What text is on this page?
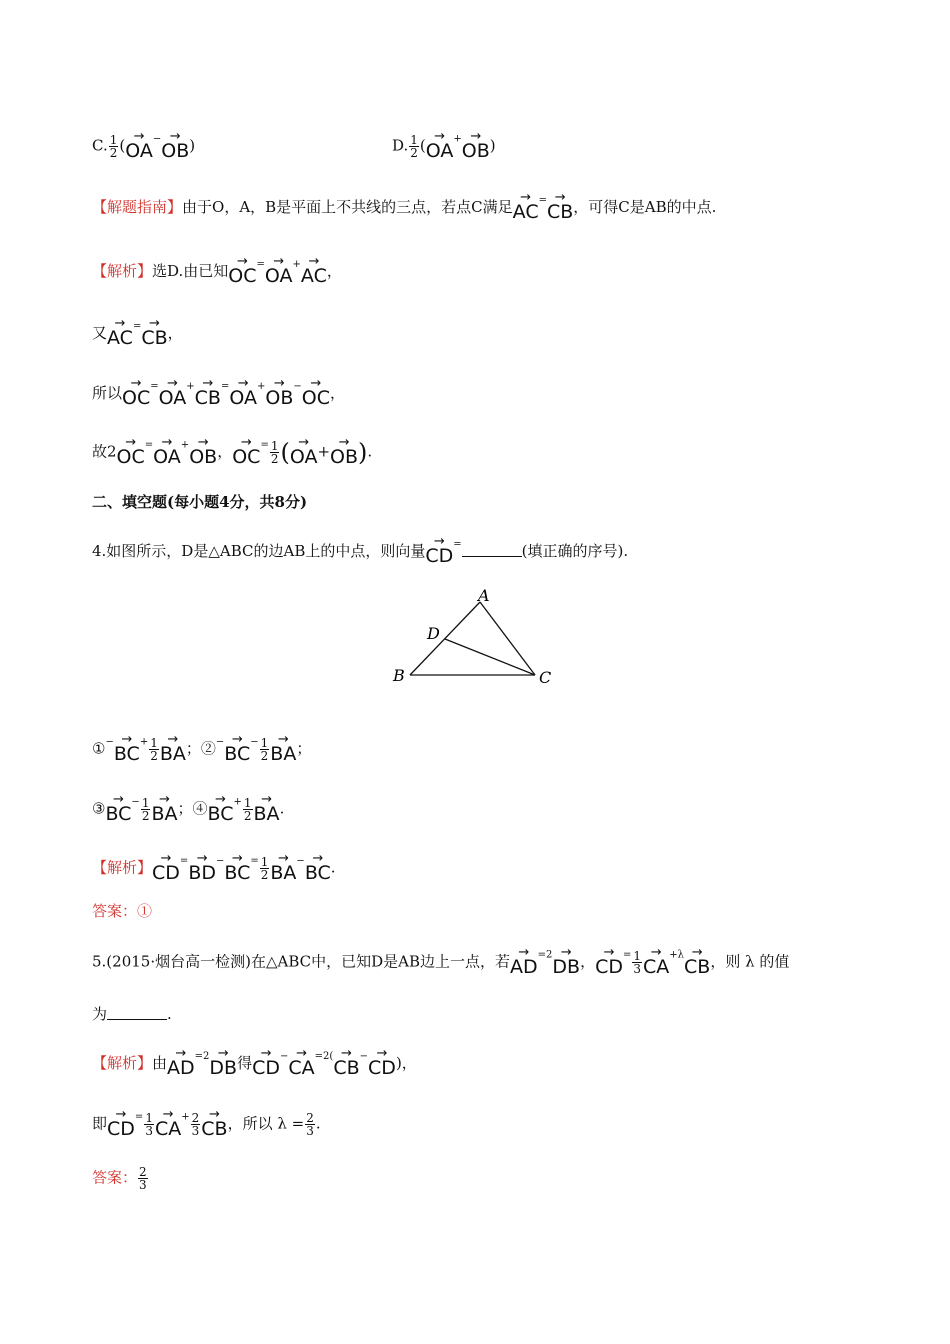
C. $\frac{1}{2}$ (→ OA−→ OB)	D. $\frac{1}{2}$ (→ OA+→ OB)
【解题指南】由于O，A，B是平面上不共线的三点，若点C满足→ AC=→ CB，可得C是AB的中点.
【解析】选D.由已知→ OC=→ OA+→ AC，
又→ AC=→ CB，
所以→ OC=→ OA+→ CB=→ OA+→ OB−→ OC，
故2→ OC=→ OA+→ OB，→ $OC^= \frac{1}{2}$ (→ OA+→ OB).
二、填空题(每小题4分，共8分)
4.如图所示，D是△ABC的边AB上的中点，则向量→ CD=	(填正确的序号).
A
B	C
D
①−→ $BC^+ \frac{1}{2}$
→ BA；②−→ $BC^- \frac{1}{2}$
→ BA；
③→ $BC^- \frac{1}{2}$
→ BA；④→ $BC^+ \frac{1}{2}$
→ BA.
【解析】→ $CD^=\to BD^-\to BC^= \frac{1}{2}$
→ BA−→ BC.
答案：①
5.(2015·烟台高一检测)在△ABC中，已知D是AB边上一点，若→ $AD^{=2}\to$ DB，→ $CD^= \frac{1}{3}$
→ $CA^{+\lambda}\to$ CB，则 λ 的值
为	.
【解析】由→ $AD^{=2}\to$ DB得→ $CD^-\to CA^{=2(}\to CB^-\to CD$)，
即→ $CD^= \frac{1}{3}$
→ $CA^+ \frac{2}{3}$
→ CB，所以 $\lambda = \frac{2}{3}$ .
答案： $\frac{2}{3}$
